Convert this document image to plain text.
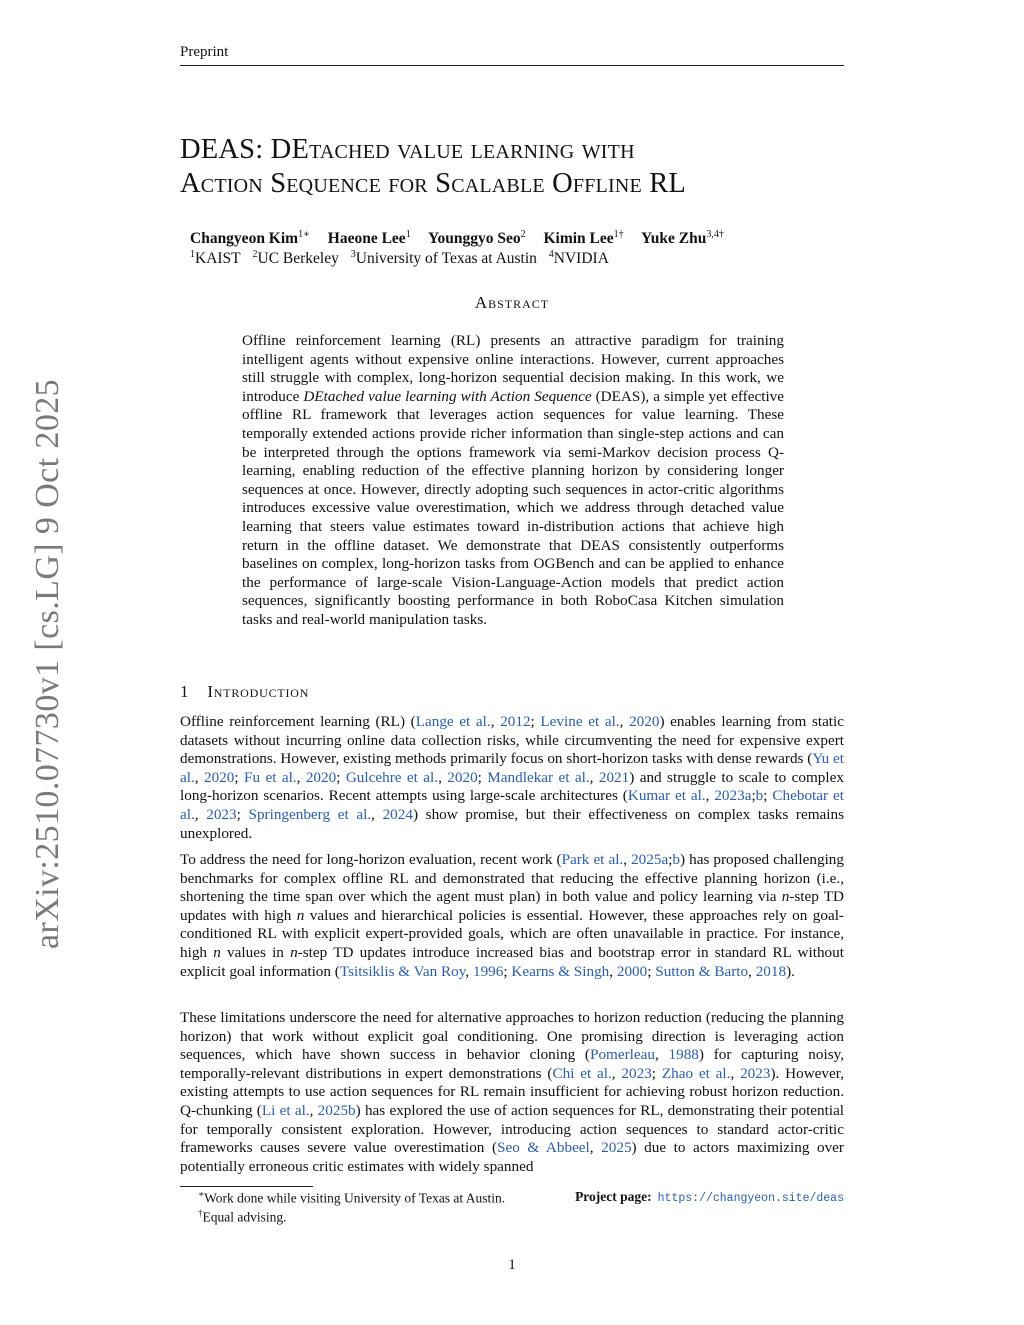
Preprint
arXiv:2510.07730v1 [cs.LG] 9 Oct 2025
DEAS: DEtached value learning with
Action Sequence for Scalable Offline RL
Changyeon Kim$^{1∗}$ Haeone Lee$^1$ Younggyo Seo$^2$ Kimin Lee$^{1\dagger}$ Yuke Zhu$^{3,4\dagger}$
$^1$KAIST $^2$UC Berkeley $^3$University of Texas at Austin $^4$NVIDIA
Abstract
Offline reinforcement learning (RL) presents an attractive paradigm for training intelligent agents without expensive online interactions. However, current approaches still struggle with complex, long-horizon sequential decision making. In this work, we introduce DEtached value learning with Action Sequence (DEAS), a simple yet effective offline RL framework that leverages action sequences for value learning. These temporally extended actions provide richer information than single-step actions and can be interpreted through the options framework via semi-Markov decision process Q-learning, enabling reduction of the effective planning horizon by considering longer sequences at once. However, directly adopting such sequences in actor-critic algorithms introduces excessive value overestimation, which we address through detached value learning that steers value estimates toward in-distribution actions that achieve high return in the offline dataset. We demonstrate that DEAS consistently outperforms baselines on complex, long-horizon tasks from OGBench and can be applied to enhance the performance of large-scale Vision-Language-Action models that predict action sequences, significantly boosting performance in both RoboCasa Kitchen simulation tasks and real-world manipulation tasks.
1 Introduction
Offline reinforcement learning (RL) (Lange et al., 2012; Levine et al., 2020) enables learning from static datasets without incurring online data collection risks, while circumventing the need for expensive expert demonstrations. However, existing methods primarily focus on short-horizon tasks with dense rewards (Yu et al., 2020; Fu et al., 2020; Gulcehre et al., 2020; Mandlekar et al., 2021) and struggle to scale to complex long-horizon scenarios. Recent attempts using large-scale architectures (Kumar et al., 2023a;b; Chebotar et al., 2023; Springenberg et al., 2024) show promise, but their effectiveness on complex tasks remains unexplored.
To address the need for long-horizon evaluation, recent work (Park et al., 2025a;b) has proposed challenging benchmarks for complex offline RL and demonstrated that reducing the effective planning horizon (i.e., shortening the time span over which the agent must plan) in both value and policy learning via n-step TD updates with high n values and hierarchical policies is essential. However, these approaches rely on goal-conditioned RL with explicit expert-provided goals, which are often unavailable in practice. For instance, high n values in n-step TD updates introduce increased bias and bootstrap error in standard RL without explicit goal information (Tsitsiklis & Van Roy, 1996; Kearns & Singh, 2000; Sutton & Barto, 2018).
These limitations underscore the need for alternative approaches to horizon reduction (reducing the planning horizon) that work without explicit goal conditioning. One promising direction is leveraging action sequences, which have shown success in behavior cloning (Pomerleau, 1988) for capturing noisy, temporally-relevant distributions in expert demonstrations (Chi et al., 2023; Zhao et al., 2023). However, existing attempts to use action sequences for RL remain insufficient for achieving robust horizon reduction. Q-chunking (Li et al., 2025b) has explored the use of action sequences for RL, demonstrating their potential for temporally consistent exploration. However, introducing action sequences to standard actor-critic frameworks causes severe value overestimation (Seo & Abbeel, 2025) due to actors maximizing over potentially erroneous critic estimates with widely spanned
∗Work done while visiting University of Texas at Austin.
†Equal advising.
Project page: https://changyeon.site/deas
1
